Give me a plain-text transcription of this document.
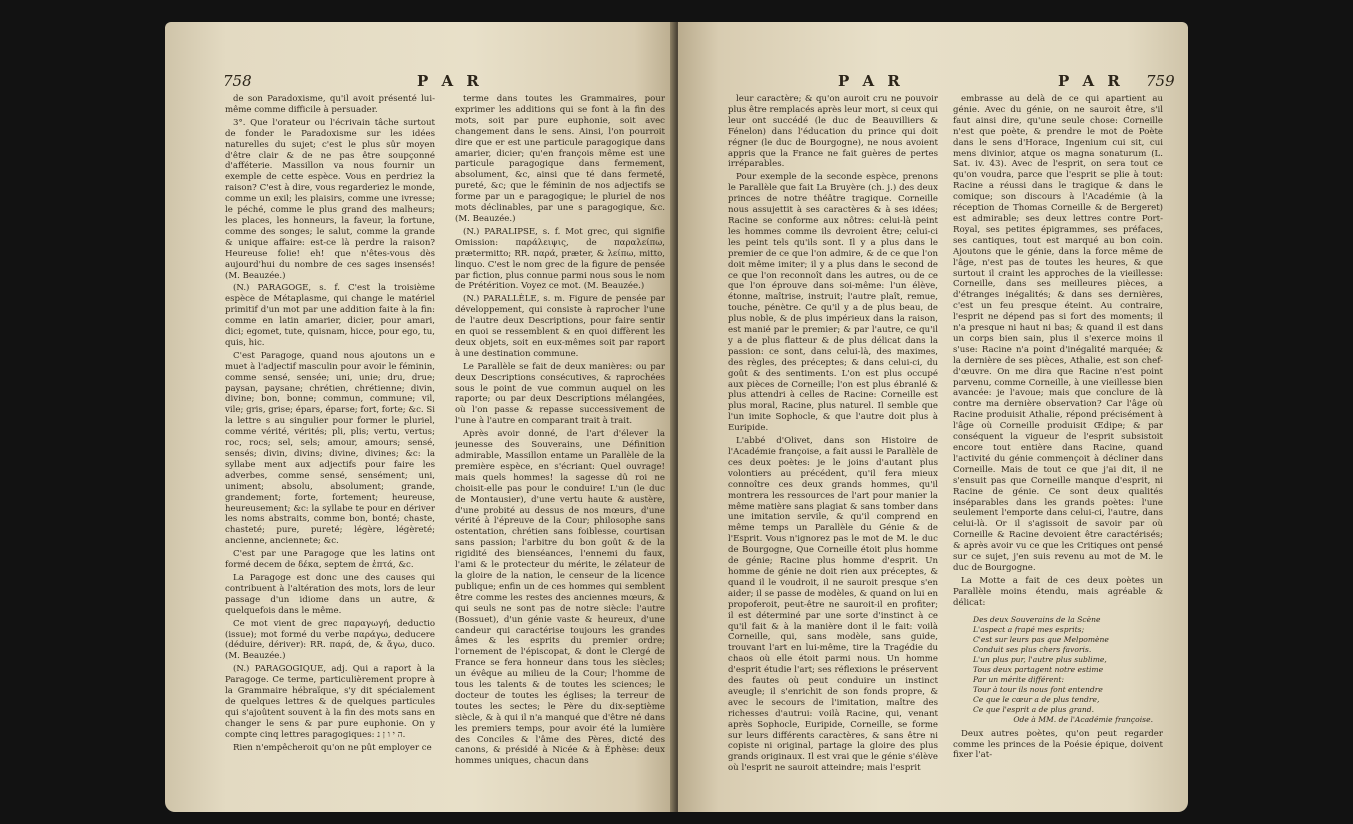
758	P A R

de son Paradoxisme, qu'il avoit présenté lui-même comme difficile à persuader.

3°. Que l'orateur ou l'écrivain tâche surtout de fonder le Paradoxisme sur les idées naturelles du sujet; c'est le plus sûr moyen d'être clair & de ne pas être soupçonné d'afféterie. Massillon va nous fournir un exemple de cette espèce. Vous en perdriez la raison? C'est à dire, vous regarderiez le monde, comme un exil; les plaisirs, comme une ivresse; le péché, comme le plus grand des malheurs; les places, les honneurs, la faveur, la fortune, comme des songes; le salut, comme la grande & unique affaire: est-ce là perdre la raison? Heureuse folie! eh! que n'êtes-vous dès aujourd'hui du nombre de ces sages insensés! (M. Beauzée.)

(N.) PARAGOGE, s. f. C'est la troisième espèce de Métaplasme, qui change le matériel primitif d'un mot par une addition faite à la fin: comme en latin amarier, dicier, pour amari, dici; egomet, tute, quisnam, hicce, pour ego, tu, quis, hic.

C'est Paragoge, quand nous ajoutons un e muet à l'adjectif masculin pour avoir le féminin, comme sensé, sensée; uni, unie; dru, drue; paysan, paysane; chrétien, chrétienne; divin, divine; bon, bonne; commun, commune; vil, vile; gris, grise; épars, éparse; fort, forte; &c. Si la lettre s au singulier pour former le pluriel, comme vérité, vérités; pli, plis; vertu, vertus; roc, rocs; sel, sels; amour, amours; sensé, sensés; divin, divins; divine, divines; &c: la syllabe ment aux adjectifs pour faire les adverbes, comme sensé, sensément; uni, uniment; absolu, absolument; grande, grandement; forte, fortement; heureuse, heureusement; &c: la syllabe te pour en dériver les noms abstraits, comme bon, bonté; chaste, chasteté; pure, pureté; légère, légèreté; ancienne, anciennete; &c.

C'est par une Paragoge que les latins ont formé decem de δέκα, septem de ἑπτά, &c.

La Paragoge est donc une des causes qui contribuent à l'altération des mots, lors de leur passage d'un idiome dans un autre, & quelquefois dans le même.

Ce mot vient de grec παραγωγή, deductio (issue); mot formé du verbe παράγω, deducere (déduire, dériver): RR. παρά, de, & ἄγω, duco. (M. Beauzée.)

(N.) PARAGOGIQUE, adj. Qui a raport à la Paragoge. Ce terme, particulièrement propre à la Grammaire hébraïque, s'y dit spécialement de quelques lettres & de quelques particules qui s'ajoûtent souvent à la fin des mots sans en changer le sens & par pure euphonie. On y compte cinq lettres paragogiques: ה י ו ן נ.

Rien n'empêcheroit qu'on ne pût employer ce

terme dans toutes les Grammaires, pour exprimer les additions qui se font à la fin des mots, soit par pure euphonie, soit avec changement dans le sens. Ainsi, l'on pourroit dire que er est une particule paragogique dans amarier, dicier; qu'en françois même est une particule paragogique dans fermement, absolument, &c, ainsi que té dans fermeté, pureté, &c; que le féminin de nos adjectifs se forme par un e paragogique; le pluriel de nos mots déclinables, par une s paragogique, &c. (M. Beauzée.)

(N.) PARALIPSE, s. f. Mot grec, qui signifie Omission: παράλειψις, de παραλείπω, prætermitto; RR. παρά, præter, & λείπω, mitto, linquo. C'est le nom grec de la figure de pensée par fiction, plus connue parmi nous sous le nom de Prétérition. Voyez ce mot. (M. Beauzée.)

(N.) PARALLÈLE, s. m. Figure de pensée par développement, qui consiste à raprocher l'une de l'autre deux Descriptions, pour faire sentir en quoi se ressemblent & en quoi diffèrent les deux objets, soit en eux-mêmes soit par raport à une destination commune.

Le Parallèle se fait de deux manières: ou par deux Descriptions consécutives, & raprochées sous le point de vue commun auquel on les raporte; ou par deux Descriptions mélangées, où l'on passe & repasse successivement de l'une à l'autre en comparant trait à trait.

Après avoir donné, de l'art d'élever la jeunesse des Souverains, une Définition admirable, Massillon entame un Parallèle de la première espèce, en s'écriant: Quel ouvrage! mais quels hommes! la sagesse dû roi ne choisit-elle pas pour le conduire! L'un (le duc de Montausier), d'une vertu haute & austère, d'une probité au dessus de nos mœurs, d'une vérité à l'épreuve de la Cour; philosophe sans ostentation, chrétien sans foiblesse, courtisan sans passion; l'arbitre du bon goût & de la rigidité des bienséances, l'ennemi du faux, l'ami & le protecteur du mérite, le zélateur de la gloire de la nation, le censeur de la licence publique; enfin un de ces hommes qui semblent être comme les restes des anciennes mœurs, & qui seuls ne sont pas de notre siècle: l'autre (Bossuet), d'un génie vaste & heureux, d'une candeur qui caractérise toujours les grandes âmes & les esprits du premier ordre; l'ornement de l'épiscopat, & dont le Clergé de France se fera honneur dans tous les siècles; un évêque au milieu de la Cour; l'homme de tous les talents & de toutes les sciences; le docteur de toutes les églises; la terreur de toutes les sectes; le Père du dix-septième siècle, & à qui il n'a manqué que d'être né dans les premiers temps, pour avoir été la lumière des Conciles & l'âme des Pères, dicté des canons, & présidé à Nicée & à Éphèse: deux hommes uniques, chacun dans

P A R	P A R 759

leur caractère; & qu'on auroit cru ne pouvoir plus être remplacés après leur mort, si ceux qui leur ont succédé (le duc de Beauvilliers & Fénelon) dans l'éducation du prince qui doit régner (le duc de Bourgogne), ne nous avoient appris que la France ne fait guères de pertes irréparables.

Pour exemple de la seconde espèce, prenons le Parallèle que fait La Bruyère (ch. j.) des deux princes de notre théâtre tragique. Corneille nous assujettit à ses caractères & à ses idées; Racine se conforme aux nôtres: celui-là peint les hommes comme ils devroient être; celui-ci les peint tels qu'ils sont. Il y a plus dans le premier de ce que l'on admire, & de ce que l'on doit même imiter; il y a plus dans le second de ce que l'on reconnoît dans les autres, ou de ce que l'on éprouve dans soi-même: l'un élève, étonne, maîtrise, instruit; l'autre plaît, remue, touche, pénètre. Ce qu'il y a de plus beau, de plus noble, & de plus impérieux dans la raison, est manié par le premier; & par l'autre, ce qu'il y a de plus flatteur & de plus délicat dans la passion: ce sont, dans celui-là, des maximes, des règles, des préceptes; & dans celui-ci, du goût & des sentiments. L'on est plus occupé aux pièces de Corneille; l'on est plus ébranlé & plus attendri à celles de Racine: Corneille est plus moral, Racine, plus naturel. Il semble que l'un imite Sophocle, & que l'autre doit plus à Euripide.

L'abbé d'Olivet, dans son Histoire de l'Académie françoise, a fait aussi le Parallèle de ces deux poètes: je le joins d'autant plus volontiers au précédent, qu'il fera mieux connoître ces deux grands hommes, qu'il montrera les ressources de l'art pour manier la même matière sans plagiat & sans tomber dans une imitation servile, & qu'il comprend en même temps un Parallèle du Génie & de l'Esprit. Vous n'ignorez pas le mot de M. le duc de Bourgogne, Que Corneille étoit plus homme de génie; Racine plus homme d'esprit. Un homme de génie ne doit rien aux préceptes, & quand il le voudroit, il ne sauroit presque s'en aider; il se passe de modèles, & quand on lui en propoferoit, peut-être ne sauroit-il en profiter; il est déterminé par une sorte d'instinct à ce qu'il fait & à la manière dont il le fait: voilà Corneille, qui, sans modèle, sans guide, trouvant l'art en lui-même, tire la Tragédie du chaos où elle étoit parmi nous. Un homme d'esprit étudie l'art; ses réflexions le préservent des fautes où peut conduire un instinct aveugle; il s'enrichit de son fonds propre, & avec le secours de l'imitation, maître des richesses d'autrui: voilà Racine, qui, venant après Sophocle, Euripide, Corneille, se forme sur leurs différents caractères, & sans être ni copiste ni original, partage la gloire des plus grands originaux. Il est vrai que le génie s'élève où l'esprit ne sauroit atteindre; mais l'esprit

embrasse au delà de ce qui apartient au génie. Avec du génie, on ne sauroit être, s'il faut ainsi dire, qu'une seule chose: Corneille n'est que poète, & prendre le mot de Poète dans le sens d'Horace, Ingenium cui sit, cui mens divinior, atque os magna sonaturum (L. Sat. iv. 43). Avec de l'esprit, on sera tout ce qu'on voudra, parce que l'esprit se plie à tout: Racine a réussi dans le tragique & dans le comique; son discours à l'Académie (à la réception de Thomas Corneille & de Bergeret) est admirable; ses deux lettres contre Port-Royal, ses petites épigrammes, ses préfaces, ses cantiques, tout est marqué au bon coin. Ajoutons que le génie, dans la force même de l'âge, n'est pas de toutes les heures, & que surtout il craint les approches de la vieillesse: Corneille, dans ses meilleures pièces, a d'étranges inégalités; & dans ses dernières, c'est un feu presque éteint. Au contraire, l'esprit ne dépend pas si fort des moments; il n'a presque ni haut ni bas; & quand il est dans un corps bien sain, plus il s'exerce moins il s'use: Racine n'a point d'inégalité marquée; & la dernière de ses pièces, Athalie, est son chef-d'œuvre. On me dira que Racine n'est point parvenu, comme Corneille, à une vieillesse bien avancée: je l'avoue; mais que conclure de là contre ma dernière observation? Car l'âge où Racine produisit Athalie, répond précisément à l'âge où Corneille produisit Œdipe; & par conséquent la vigueur de l'esprit subsistoit encore tout entière dans Racine, quand l'activité du génie commençoit à décliner dans Corneille. Mais de tout ce que j'ai dit, il ne s'ensuit pas que Corneille manque d'esprit, ni Racine de génie. Ce sont deux qualités inséparables dans les grands poètes: l'une seulement l'emporte dans celui-ci, l'autre, dans celui-là. Or il s'agissoit de savoir par où Corneille & Racine devoient être caractérisés; & après avoir vu ce que les Critiques ont pensé sur ce sujet, j'en suis revenu au mot de M. le duc de Bourgogne.

La Motte a fait de ces deux poètes un Parallèle moins étendu, mais agréable & délicat:

Des deux Souverains de la Scène
L'aspect a frapé mes esprits;
C'est sur leurs pas que Melpomène
Conduit ses plus chers favoris.
L'un plus pur, l'autre plus sublime,
Tous deux partagent notre estime
Par un mérite différent:
Tour à tour ils nous font entendre
Ce que le cœur a de plus tendre,
Ce que l'esprit a de plus grand.
Ode à MM. de l'Académie françoise.

Deux autres poètes, qu'on peut regarder comme les princes de la Poésie épique, doivent fixer l'at-
